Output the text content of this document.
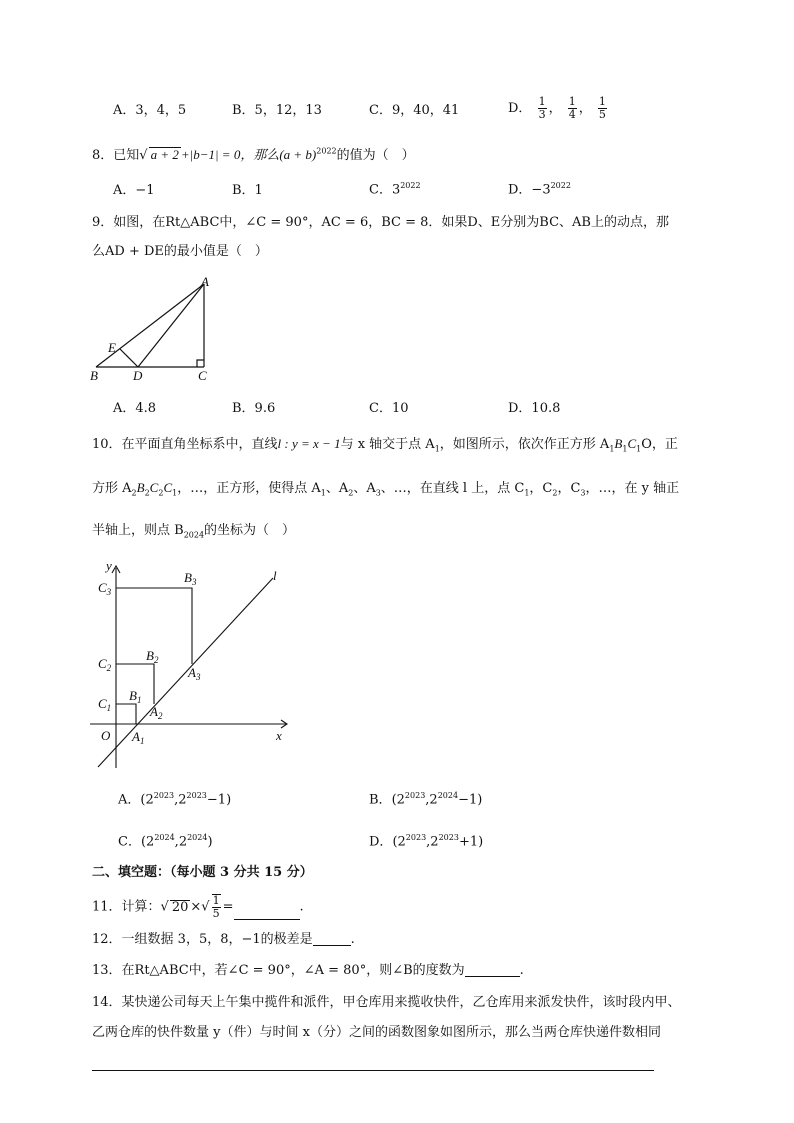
A．3，4，5	B．5，12，13	C．9，40，41	D． $\frac{1}{3}$ ， $\frac{1}{4}$ ， $\frac{1}{5}$
8．已知√ a + 2 +|b−1| = 0，那么$(a + b)^{2022}$的值为（　）
A．−1	B．1	C．$3^{2022}$	D．$-3^{2022}$
9．如图，在Rt△ABC中，∠C = 90°，AC = 6，BC = 8．如果D、E分别为BC、AB上的动点，那
么AD + DE的最小值是（　）
A
B	C
D
E
A．4.8	B．9.6	C．10	D．10.8
10．在平面直角坐标系中，直线l : y = x − 1与 x 轴交于点 $A_1$，如图所示，依次作正方形 $A_1B_1C_1O$，正
方形 $A_2B_2C_2C_1$，…，正方形，使得点 $A_1$、$A_2$、$A_3$、…，在直线 l 上，点 $C_1$，$C_2$，$C_3$，…，在 y 轴正
半轴上，则点 $B_{2024}$的坐标为（　）
y
x
l
O
$C_1$
$C_2$
$C_3$
$B_1$
$B_2$
$B_3$
$A_1$
$A_2$
$A_3$
A．$(2^{2023},2^{2023}-1)$	B．$(2^{2023},2^{2024}-1)$
C．$(2^{2024},2^{2024})$	D．$(2^{2023},2^{2023}+1)$
二、填空题：（每小题 3 分共 15 分）
11．计算：√ 20 ×√ $\frac{1}{5}$ =	.
12．一组数据 3，5，8，−1的极差是	.
13．在Rt△ABC中，若∠C = 90°，∠A = 80°，则∠B的度数为	.
14．某快递公司每天上午集中揽件和派件，甲仓库用来揽收快件，乙仓库用来派发快件，该时段内甲、
乙两仓库的快件数量 y（件）与时间 x（分）之间的函数图象如图所示，那么当两仓库快递件数相同
